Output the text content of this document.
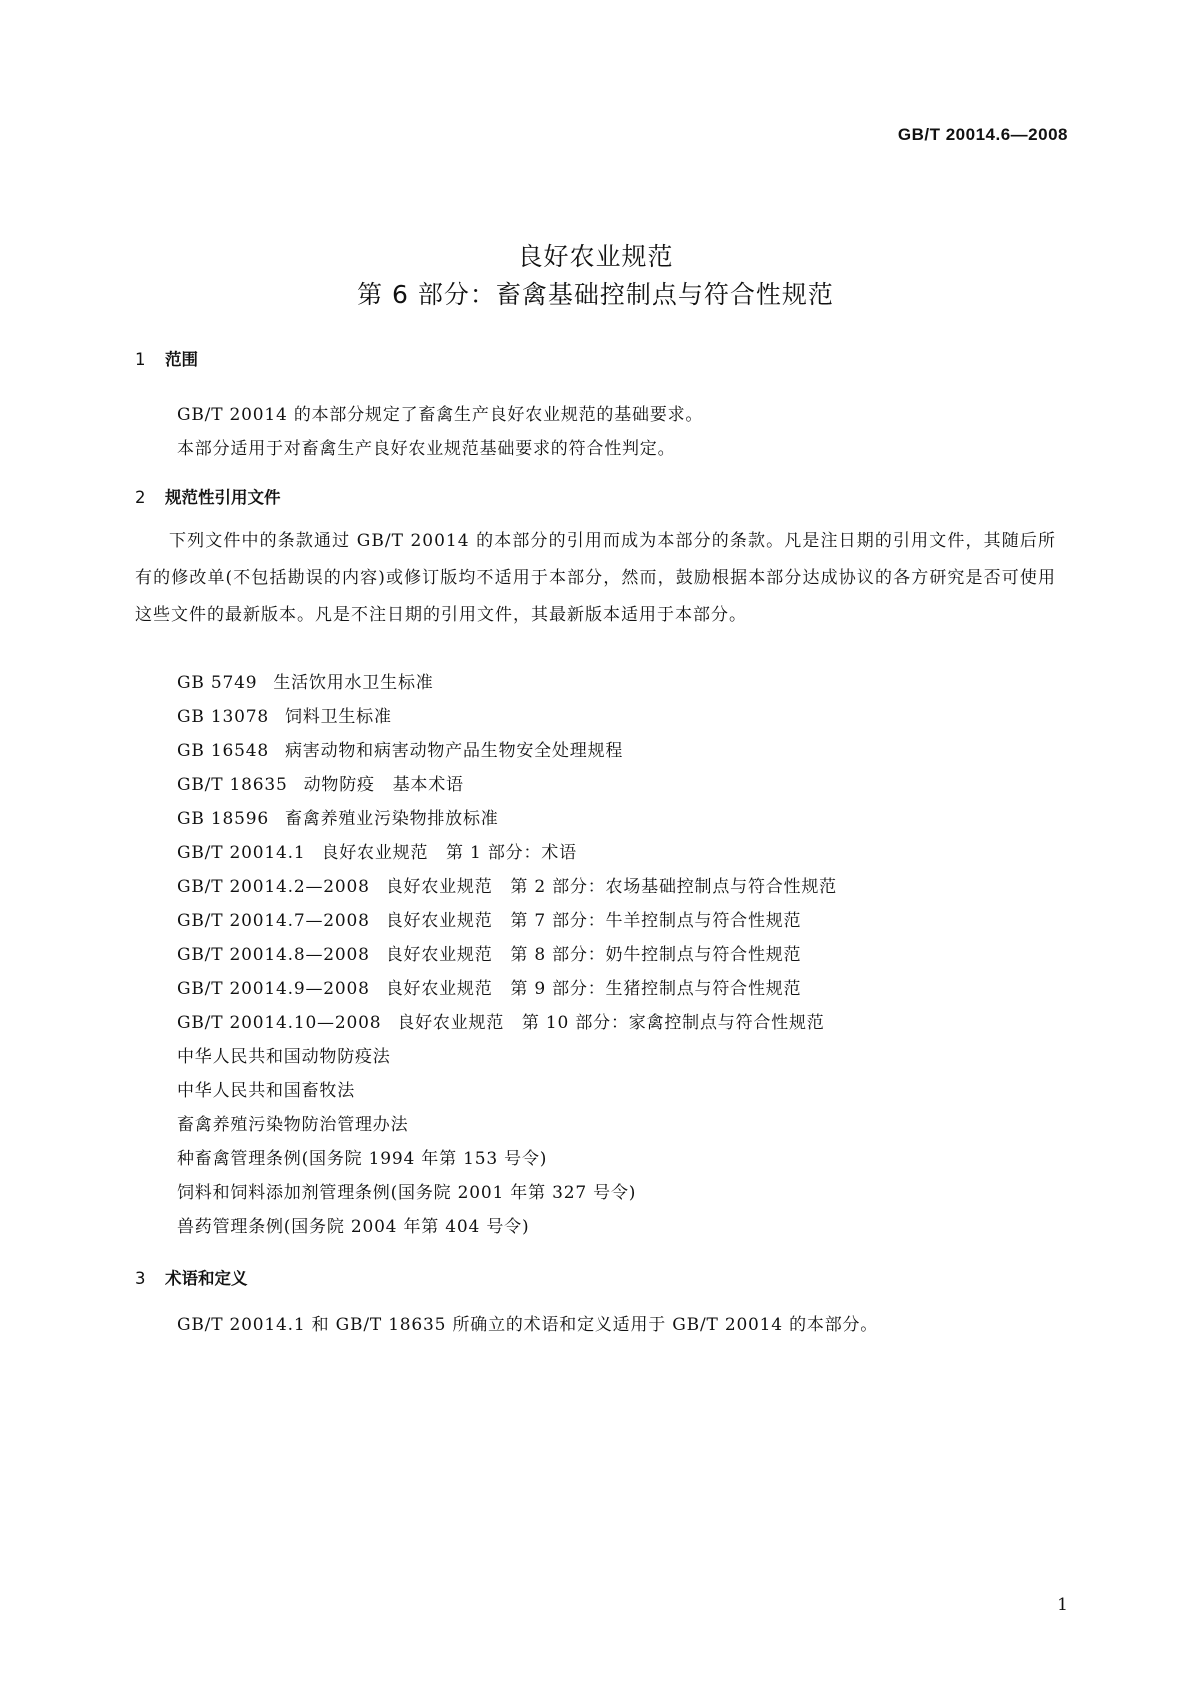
GB/T 20014.6—2008
良好农业规范
第 6 部分：畜禽基础控制点与符合性规范
1 范围
GB/T 20014 的本部分规定了畜禽生产良好农业规范的基础要求。
本部分适用于对畜禽生产良好农业规范基础要求的符合性判定。
2 规范性引用文件

下列文件中的条款通过 GB/T 20014 的本部分的引用而成为本部分的条款。凡是注日期的引用文件，其随后所有的修改单(不包括勘误的内容)或修订版均不适用于本部分，然而，鼓励根据本部分达成协议的各方研究是否可使用这些文件的最新版本。凡是不注日期的引用文件，其最新版本适用于本部分。

GB 5749 生活饮用水卫生标准
GB 13078 饲料卫生标准
GB 16548 病害动物和病害动物产品生物安全处理规程
GB/T 18635 动物防疫　基本术语
GB 18596 畜禽养殖业污染物排放标准
GB/T 20014.1 良好农业规范　第 1 部分：术语
GB/T 20014.2—2008 良好农业规范　第 2 部分：农场基础控制点与符合性规范
GB/T 20014.7—2008 良好农业规范　第 7 部分：牛羊控制点与符合性规范
GB/T 20014.8—2008 良好农业规范　第 8 部分：奶牛控制点与符合性规范
GB/T 20014.9—2008 良好农业规范　第 9 部分：生猪控制点与符合性规范
GB/T 20014.10—2008 良好农业规范　第 10 部分：家禽控制点与符合性规范
中华人民共和国动物防疫法
中华人民共和国畜牧法
畜禽养殖污染物防治管理办法
种畜禽管理条例(国务院 1994 年第 153 号令)
饲料和饲料添加剂管理条例(国务院 2001 年第 327 号令)
兽药管理条例(国务院 2004 年第 404 号令)
3 术语和定义
GB/T 20014.1 和 GB/T 18635 所确立的术语和定义适用于 GB/T 20014 的本部分。
1
